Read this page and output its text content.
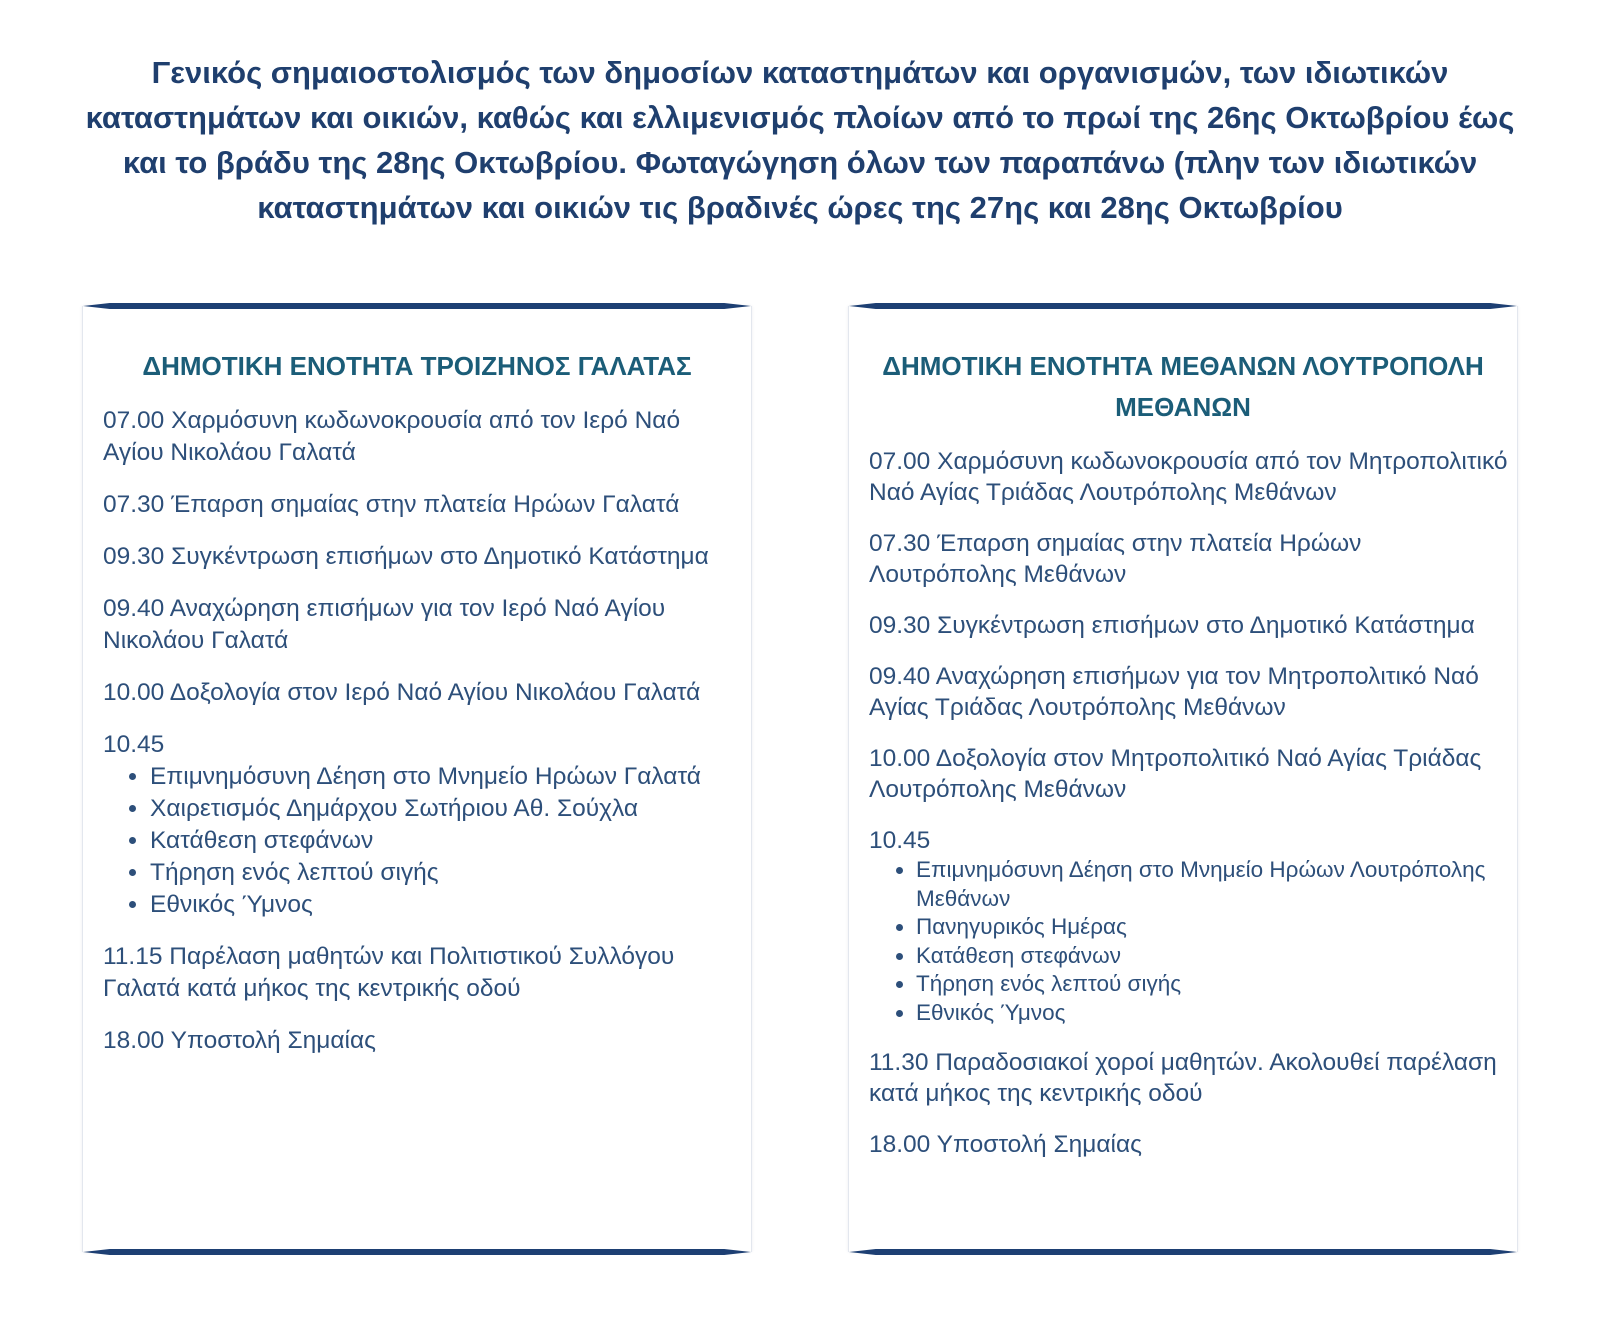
Γενικός σημαιοστολισμός των δημοσίων καταστημάτων και οργανισμών, των ιδιωτικών καταστημάτων και οικιών, καθώς και ελλιμενισμός πλοίων από το πρωί της 26ης Οκτωβρίου έως και το βράδυ της 28ης Οκτωβρίου. Φωταγώγηση όλων των παραπάνω (πλην των ιδιωτικών καταστημάτων και οικιών τις βραδινές ώρες της 27ης και 28ης Οκτωβρίου
ΔΗΜΟΤΙΚΗ ΕΝΟΤΗΤΑ ΤΡΟΙΖΗΝΟΣ ΓΑΛΑΤΑΣ
07.00 Χαρμόσυνη κωδωνοκρουσία από τον Ιερό Ναό Αγίου Νικολάου Γαλατά
07.30 Έπαρση σημαίας στην πλατεία Ηρώων Γαλατά
09.30 Συγκέντρωση επισήμων στο Δημοτικό Κατάστημα
09.40 Αναχώρηση επισήμων για τον Ιερό Ναό Αγίου Νικολάου Γαλατά
10.00 Δοξολογία στον Ιερό Ναό Αγίου Νικολάου Γαλατά
10.45
• Επιμνημόσυνη Δέηση στο Μνημείο Ηρώων Γαλατά
• Χαιρετισμός Δημάρχου Σωτήριου Αθ. Σούχλα
• Κατάθεση στεφάνων
• Τήρηση ενός λεπτού σιγής
• Εθνικός Ύμνος
11.15 Παρέλαση μαθητών και Πολιτιστικού Συλλόγου Γαλατά κατά μήκος της κεντρικής οδού
18.00 Υποστολή Σημαίας
ΔΗΜΟΤΙΚΗ ΕΝΟΤΗΤΑ ΜΕΘΑΝΩΝ ΛΟΥΤΡΟΠΟΛΗ ΜΕΘΑΝΩΝ
07.00 Χαρμόσυνη κωδωνοκρουσία από τον Μητροπολιτικό Ναό Αγίας Τριάδας Λουτρόπολης Μεθάνων
07.30 Έπαρση σημαίας στην πλατεία Ηρώων Λουτρόπολης Μεθάνων
09.30 Συγκέντρωση επισήμων στο Δημοτικό Κατάστημα
09.40 Αναχώρηση επισήμων για τον Μητροπολιτικό Ναό Αγίας Τριάδας Λουτρόπολης Μεθάνων
10.00 Δοξολογία στον Μητροπολιτικό Ναό Αγίας Τριάδας Λουτρόπολης Μεθάνων
10.45
• Επιμνημόσυνη Δέηση στο Μνημείο Ηρώων Λουτρόπολης Μεθάνων
• Πανηγυρικός Ημέρας
• Κατάθεση στεφάνων
• Τήρηση ενός λεπτού σιγής
• Εθνικός Ύμνος
11.30 Παραδοσιακοί χοροί μαθητών. Ακολουθεί παρέλαση κατά μήκος της κεντρικής οδού
18.00 Υποστολή Σημαίας
